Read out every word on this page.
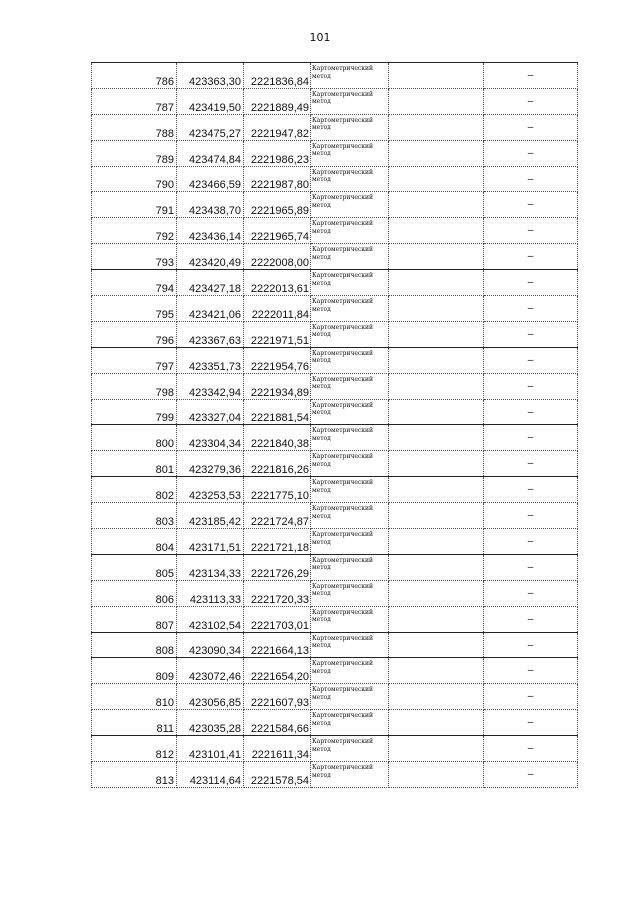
101
786	423363,30	2221836,84	Картометрический метод		–
787	423419,50	2221889,49	Картометрический метод		–
788	423475,27	2221947,82	Картометрический метод		–
789	423474,84	2221986,23	Картометрический метод		–
790	423466,59	2221987,80	Картометрический метод		–
791	423438,70	2221965,89	Картометрический метод		–
792	423436,14	2221965,74	Картометрический метод		–
793	423420,49	2222008,00	Картометрический метод		–
794	423427,18	2222013,61	Картометрический метод		–
795	423421,06	2222011,84	Картометрический метод		–
796	423367,63	2221971,51	Картометрический метод		–
797	423351,73	2221954,76	Картометрический метод		–
798	423342,94	2221934,89	Картометрический метод		–
799	423327,04	2221881,54	Картометрический метод		–
800	423304,34	2221840,38	Картометрический метод		–
801	423279,36	2221816,26	Картометрический метод		–
802	423253,53	2221775,10	Картометрический метод		–
803	423185,42	2221724,87	Картометрический метод		–
804	423171,51	2221721,18	Картометрический метод		–
805	423134,33	2221726,29	Картометрический метод		–
806	423113,33	2221720,33	Картометрический метод		–
807	423102,54	2221703,01	Картометрический метод		–
808	423090,34	2221664,13	Картометрический метод		–
809	423072,46	2221654,20	Картометрический метод		–
810	423056,85	2221607,93	Картометрический метод		–
811	423035,28	2221584,66	Картометрический метод		–
812	423101,41	2221611,34	Картометрический метод		–
813	423114,64	2221578,54	Картометрический метод		–
